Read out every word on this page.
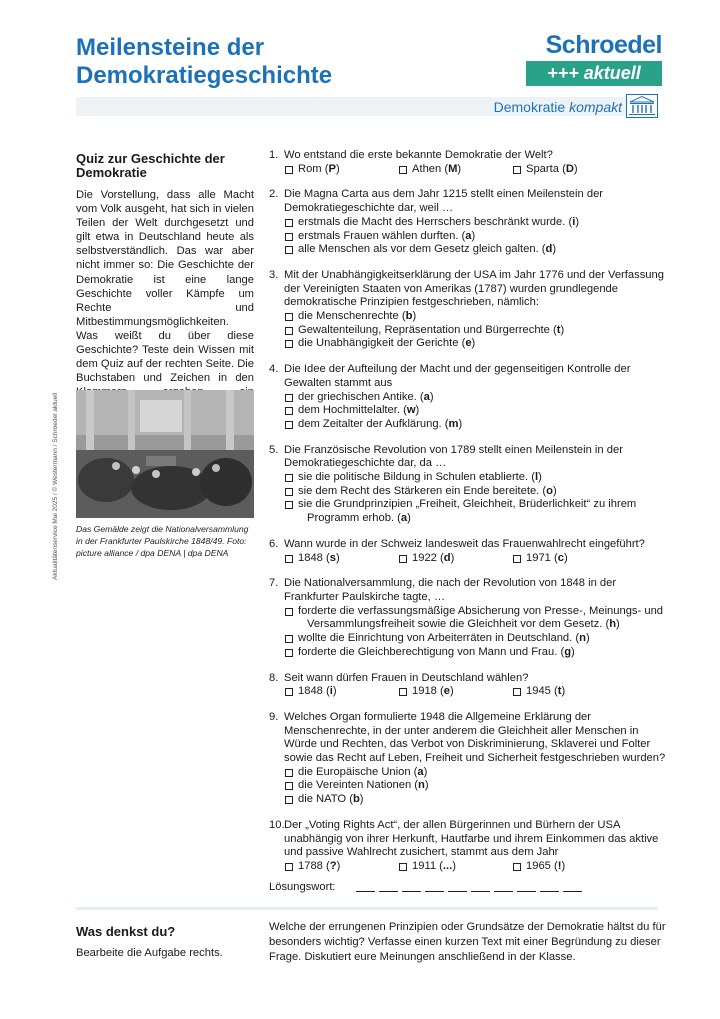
Meilensteine der Demokratiegeschichte
Schroedel
+++ aktuell
Demokratie kompakt
Aktualitätenservice Mai 2025 / © Westermann / Schroedel aktuell
Quiz zur Geschichte der Demokratie
Die Vorstellung, dass alle Macht vom Volk ausgeht, hat sich in vielen Teilen der Welt durchgesetzt und gilt etwa in Deutschland heute als selbstverständlich. Das war aber nicht immer so: Die Geschichte der Demokratie ist eine lange Geschichte voller Kämpfe um Rechte und Mitbestimmungsmöglichkeiten. Was weißt du über diese Geschichte? Teste dein Wissen mit dem Quiz auf der rechten Seite. Die Buchstaben und Zeichen in den
Das Gemälde zeigt die Nationalversammlung in der Frankfurter Paulskirche 1848/49. Foto: picture alliance / dpa DENA | dpa DENA
1. Wo entstand die erste bekannte Demokratie der Welt?
Rom (P)	Athen (M)	Sparta (D)
2. Die Magna Carta aus dem Jahr 1215 stellt einen Meilenstein der Demokratiegeschichte dar, weil …
erstmals die Macht des Herrschers beschränkt wurde. (i)
erstmals Frauen wählen durften. (a)
alle Menschen als vor dem Gesetz gleich galten. (d)
3. Mit der Unabhängigkeitserklärung der USA im Jahr 1776 und der Verfassung der Vereinigten Staaten von Amerikas (1787) wurden grundlegende demokratische Prinzipien festgeschrieben, nämlich:
die Menschenrechte (b)
Gewaltenteilung, Repräsentation und Bürgerrechte (t)
die Unabhängigkeit der Gerichte (e)
4. Die Idee der Aufteilung der Macht und der gegenseitigen Kontrolle der Gewalten stammt aus
der griechischen Antike. (a)
dem Hochmittelalter. (w)
dem Zeitalter der Aufklärung. (m)
5. Die Französische Revolution von 1789 stellt einen Meilenstein in der Demokratiegeschichte dar, da …
sie die politische Bildung in Schulen etablierte. (l)
sie dem Recht des Stärkeren ein Ende bereitete. (o)
sie die Grundprinzipien „Freiheit, Gleichheit, Brüderlichkeit“ zu ihrem Programm erhob. (a)
6. Wann wurde in der Schweiz landesweit das Frauenwahlrecht eingeführt?
1848 (s)	1922 (d)	1971 (c)
7. Die Nationalversammlung, die nach der Revolution von 1848 in der Frankfurter Paulskirche tagte, …
forderte die verfassungsmäßige Absicherung von Presse-, Meinungs- und Versammlungsfreiheit sowie die Gleichheit vor dem Gesetz. (h)
wollte die Einrichtung von Arbeiterräten in Deutschland. (n)
forderte die Gleichberechtigung von Mann und Frau. (g)
8. Seit wann dürfen Frauen in Deutschland wählen?
1848 (i)	1918 (e)	1945 (t)
9. Welches Organ formulierte 1948 die Allgemeine Erklärung der Menschenrechte, in der unter anderem die Gleichheit aller Menschen in Würde und Rechten, das Verbot von Diskriminierung, Sklaverei und Folter sowie das Recht auf Leben, Freiheit und Sicherheit festgeschrieben wurden?
die Europäische Union (a)
die Vereinten Nationen (n)
die NATO (b)
10. Der „Voting Rights Act“, der allen Bürgerinnen und Bürhern der USA unabhängig von ihrer Herkunft, Hautfarbe und ihrem Einkommen das aktive und passive Wahlrecht zusichert, stammt aus dem Jahr
1788 (?)	1911 (...)	1965 (!)
Lösungswort:
Was denkst du?
Bearbeite die Aufgabe rechts.
Welche der errungenen Prinzipien oder Grundsätze der Demokratie hältst du für besonders wichtig? Verfasse einen kurzen Text mit einer Begründung zu dieser Frage. Diskutiert eure Meinungen anschließend in der Klasse.
